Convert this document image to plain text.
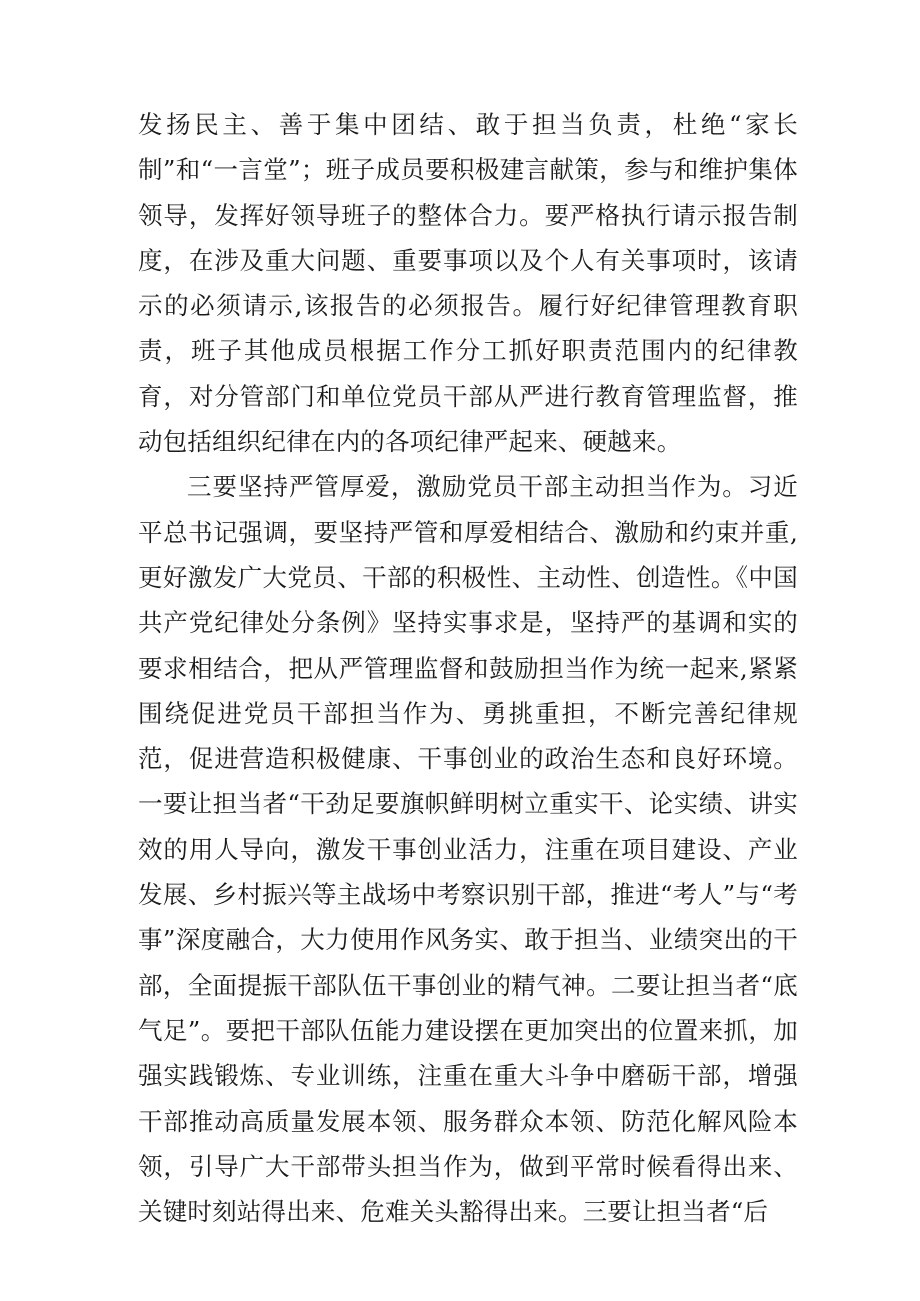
发扬民主、善于集中团结、敢于担当负责，杜绝“家长制”和“一言堂”；班子成员要积极建言献策，参与和维护集体领导，发挥好领导班子的整体合力。要严格执行请示报告制度，在涉及重大问题、重要事项以及个人有关事项时，该请示的必须请示,该报告的必须报告。履行好纪律管理教育职责，班子其他成员根据工作分工抓好职责范围内的纪律教育，对分管部门和单位党员干部从严进行教育管理监督，推动包括组织纪律在内的各项纪律严起来、硬越来。

三要坚持严管厚爱，激励党员干部主动担当作为。习近平总书记强调，要坚持严管和厚爱相结合、激励和约束并重,更好激发广大党员、干部的积极性、主动性、创造性。《中国共产党纪律处分条例》坚持实事求是，坚持严的基调和实的要求相结合，把从严管理监督和鼓励担当作为统一起来,紧紧围绕促进党员干部担当作为、勇挑重担，不断完善纪律规范，促进营造积极健康、干事创业的政治生态和良好环境。一要让担当者“干劲足要旗帜鲜明树立重实干、论实绩、讲实效的用人导向，激发干事创业活力，注重在项目建设、产业发展、乡村振兴等主战场中考察识别干部，推进“考人”与“考事”深度融合，大力使用作风务实、敢于担当、业绩突出的干部，全面提振干部队伍干事创业的精气神。二要让担当者“底气足”。要把干部队伍能力建设摆在更加突出的位置来抓，加强实践锻炼、专业训练，注重在重大斗争中磨砺干部，增强干部推动高质量发展本领、服务群众本领、防范化解风险本领，引导广大干部带头担当作为，做到平常时候看得出来、关键时刻站得出来、危难关头豁得出来。三要让担当者“后
